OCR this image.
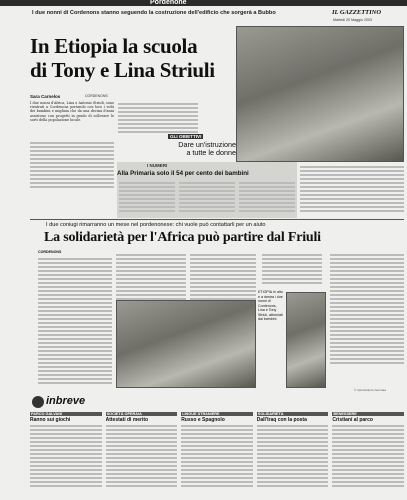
Pordenone
I due nonni di Cordenons stanno seguendo la costruzione dell'edificio che sorgerà a Bubbo	IL GAZZETTINO
Martedì 20 Maggio 2003
In Etiopia la scuola
di Tony e Lina Striuli
Sara Carnelos	CORDENONS
I due nonni d'Africa, Lina e Antonio Striuli, sono rientrati a Cordenons portando con loro i volti dei bambini e migliaia che da una decina d'anni assistono con progetti in grado di sollevare le sorti della popolazione locale.
GLI OBIETTIVI
Dare un'istruzione
a tutte le donne
I NUMERI
Alla Primaria solo il 54 per cento dei bambini
I due coniugi rimarranno un mese nel pordenonese: chi vuole può contattarli per un aiuto
La solidarietà per l'Africa può partire dal Friuli
CORDENONS
ETIOPIA In alto e a destra i due nonni di Cordenons, Lina e Tony Striuli, attorniati dai bambini
© riproduzione riservata
inbreve
PARCO GALVANI
Ranno sui giochi
SOCIETÀ OPERAIA
Attestati di merito
LINGUE STRANIERE
Russo e Spagnolo
SOLIDARIETÀ
Dall'Iraq con la posta
BENESSERE
Cristiani al parco
